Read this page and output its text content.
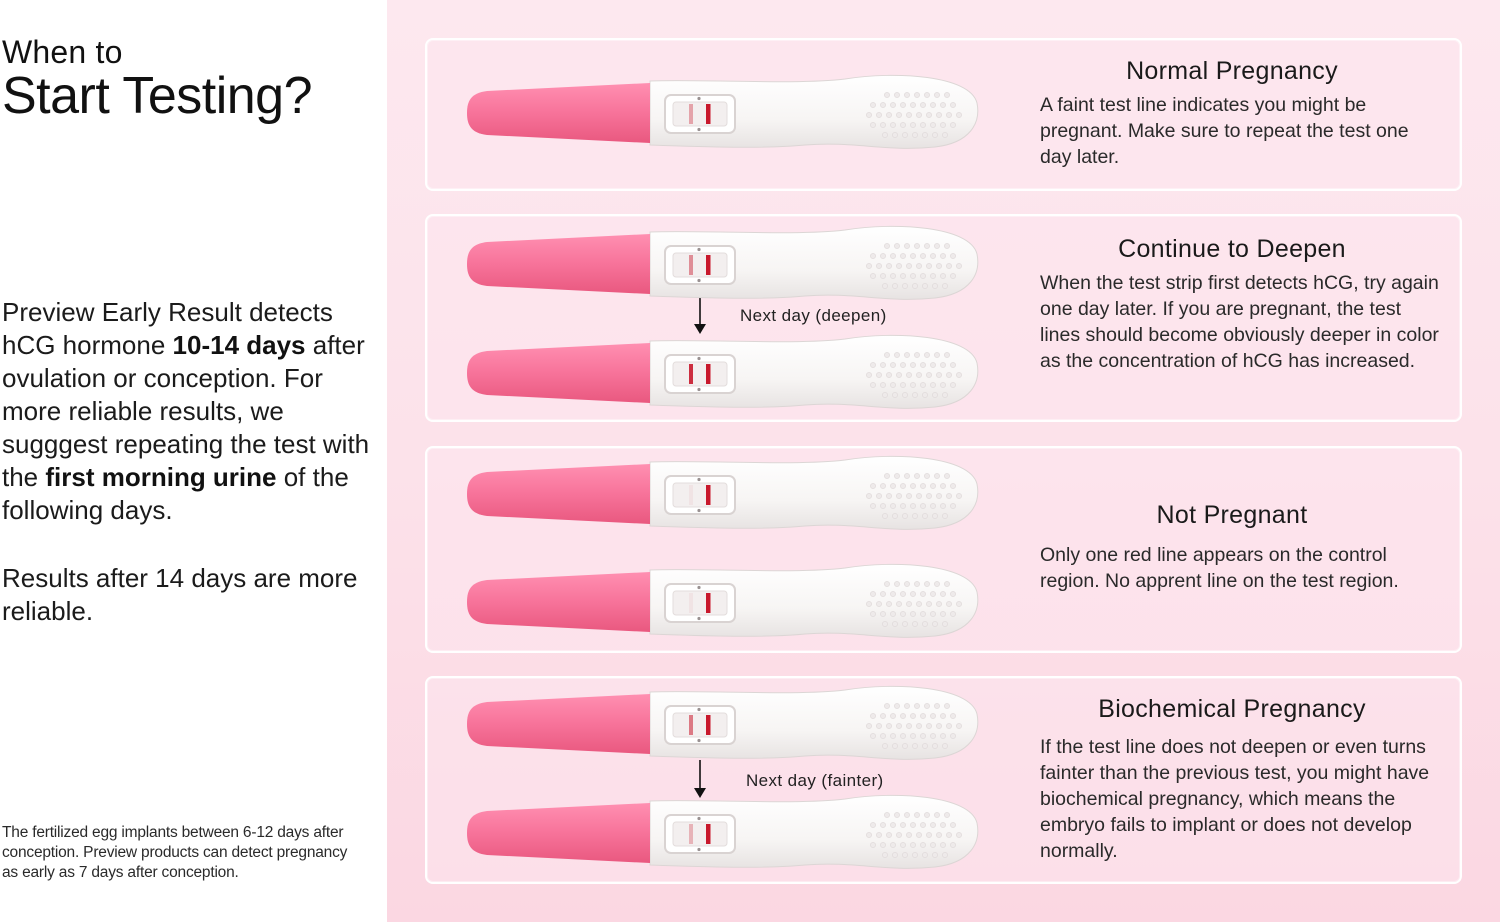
When to
Start Testing?
Preview Early Result detects hCG hormone 10-14 days after ovulation or conception. For more reliable results, we sugggest repeating the test with the first morning urine of the following days.
Results after 14 days are more reliable.
The fertilized egg implants between 6-12 days after conception. Preview products can detect pregnancy as early as 7 days after conception.
Normal Pregnancy
A faint test line indicates you might be pregnant. Make sure to repeat the test one day later.
Continue to Deepen
When the test strip first detects hCG, try again one day later. If you are pregnant, the test lines should become obviously deeper in color as the concentration of hCG has increased.
Next day (deepen)
Not Pregnant
Only one red line appears on the control region. No apprent line on the test region.
Biochemical Pregnancy
If the test line does not deepen or even turns fainter than the previous test, you might have biochemical pregnancy, which means the embryo fails to implant or does not develop normally.
Next day (fainter)
